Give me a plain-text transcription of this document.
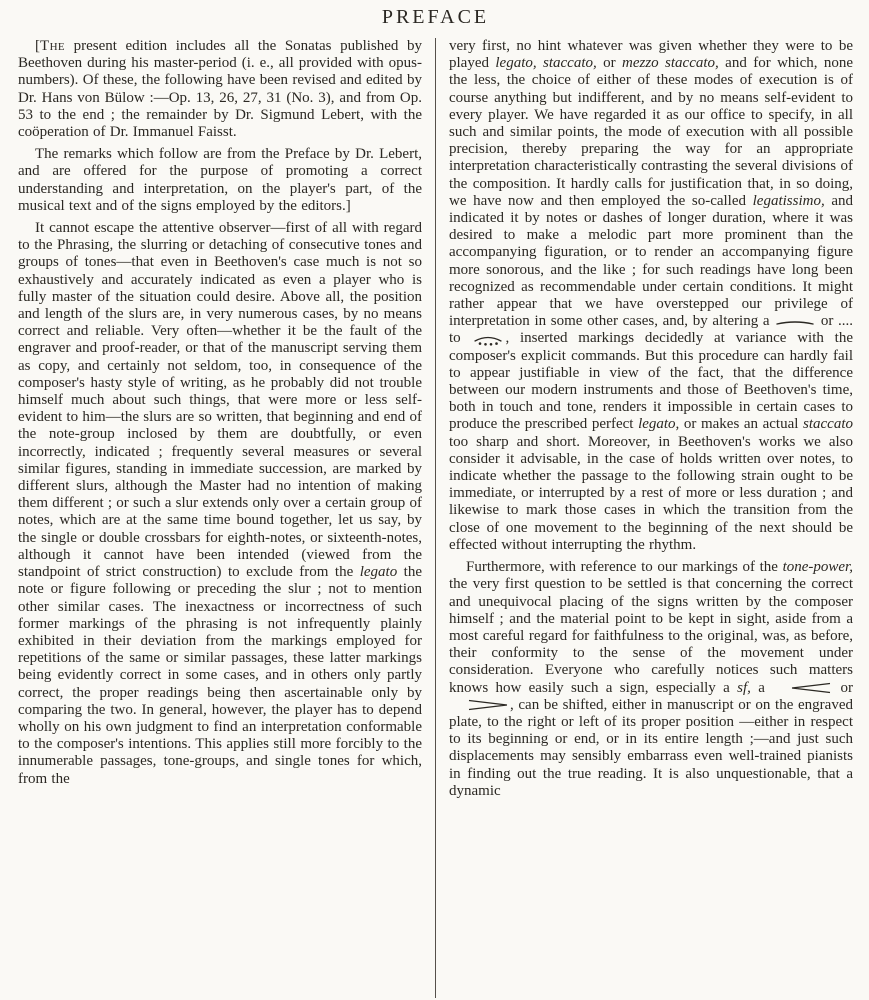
PREFACE

[The present edition includes all the Sonatas published by Beethoven during his master-period (i. e., all provided with opus-numbers). Of these, the following have been revised and edited by Dr. Hans von Bülow :—Op. 13, 26, 27, 31 (No. 3), and from Op. 53 to the end ; the remainder by Dr. Sigmund Lebert, with the coöperation of Dr. Immanuel Faisst.

The remarks which follow are from the Preface by Dr. Lebert, and are offered for the purpose of promoting a correct understanding and interpretation, on the player's part, of the musical text and of the signs employed by the editors.]

It cannot escape the attentive observer—first of all with regard to the Phrasing, the slurring or detaching of consecutive tones and groups of tones—that even in Beethoven's case much is not so exhaustively and accurately indicated as even a player who is fully master of the situation could desire. Above all, the position and length of the slurs are, in very numerous cases, by no means correct and reliable. Very often—whether it be the fault of the engraver and proof-reader, or that of the manuscript serving them as copy, and certainly not seldom, too, in consequence of the composer's hasty style of writing, as he probably did not trouble himself much about such things, that were more or less self-evident to him—the slurs are so written, that beginning and end of the note-group inclosed by them are doubtfully, or even incorrectly, indicated ; frequently several measures or several similar figures, standing in immediate succession, are marked by different slurs, although the Master had no intention of making them different ; or such a slur extends only over a certain group of notes, which are at the same time bound together, let us say, by the single or double crossbars for eighth-notes, or sixteenth-notes, although it cannot have been intended (viewed from the standpoint of strict construction) to exclude from the legato the note or figure following or preceding the slur ; not to mention other similar cases. The inexactness or incorrectness of such former markings of the phrasing is not infrequently plainly exhibited in their deviation from the markings employed for repetitions of the same or similar passages, these latter markings being evidently correct in some cases, and in others only partly correct, the proper readings being then ascertainable only by comparing the two. In general, however, the player has to depend wholly on his own judgment to find an interpretation conformable to the composer's intentions. This applies still more forcibly to the innumerable passages, tone-groups, and single tones for which, from the

very first, no hint whatever was given whether they were to be played legato, staccato, or mezzo staccato, and for which, none the less, the choice of either of these modes of execution is of course anything but indifferent, and by no means self-evident to every player. We have regarded it as our office to specify, in all such and similar points, the mode of execution with all possible precision, thereby preparing the way for an appropriate interpretation characteristically contrasting the several divisions of the composition. It hardly calls for justification that, in so doing, we have now and then employed the so-called legatissimo, and indicated it by notes or dashes of longer duration, where it was desired to make a melodic part more prominent than the accompanying figuration, or to render an accompanying figure more sonorous, and the like ; for such readings have long been recognized as recommendable under certain conditions. It might rather appear that we have overstepped our privilege of interpretation in some other cases, and, by altering a	or .... to , inserted markings decidedly at variance with the composer's explicit commands. But this procedure can hardly fail to appear justifiable in view of the fact, that the difference between our modern instruments and those of Beethoven's time, both in touch and tone, renders it impossible in certain cases to produce the prescribed perfect legato, or makes an actual staccato too sharp and short. Moreover, in Beethoven's works we also consider it advisable, in the case of holds written over notes, to indicate whether the passage to the following strain ought to be immediate, or interrupted by a rest of more or less duration ; and likewise to mark those cases in which the transition from the close of one movement to the beginning of the next should be effected without interrupting the rhythm.

Furthermore, with reference to our markings of the tone-power, the very first question to be settled is that concerning the correct and unequivocal placing of the signs written by the composer himself ; and the material point to be kept in sight, aside from a most careful regard for faithfulness to the original, was, as before, their conformity to the sense of the movement under consideration. Everyone who carefully notices such matters knows how easily such a sign, especially a sf, a	or , can be shifted, either in manuscript or on the engraved plate, to the right or left of its proper position —either in respect to its beginning or end, or in its entire length ;—and just such displacements may sensibly embarrass even well-trained pianists in finding out the true reading. It is also unquestionable, that a dynamic
